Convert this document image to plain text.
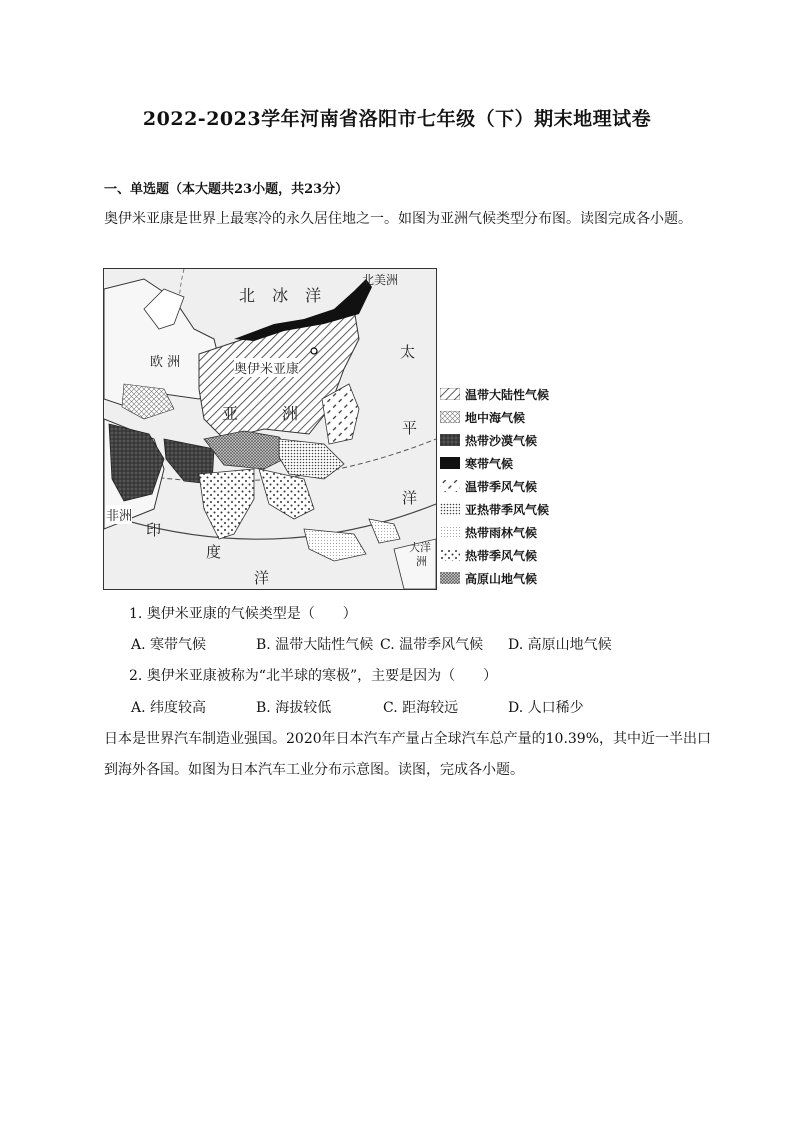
2022-2023学年河南省洛阳市七年级（下）期末地理试卷
一、单选题（本大题共23小题，共23分）
奥伊米亚康是世界上最寒冷的永久居住地之一。如图为亚洲气候类型分布图。读图完成各小题。
北 冰 洋
北美洲
欧 洲	奥伊米亚康
亚	洲
太
平
洋
非洲
印
度
洋
大洋
洲
温带大陆性气候
地中海气候
热带沙漠气候
寒带气候
温带季风气候
亚热带季风气候
热带雨林气候
热带季风气候
高原山地气候
1. 奥伊米亚康的气候类型是（　　）
A. 寒带气候	B. 温带大陆性气候 C. 温带季风气候 D. 高原山地气候
2. 奥伊米亚康被称为“北半球的寒极”，主要是因为（　　）
A. 纬度较高	B. 海拔较低	C. 距海较远	D. 人口稀少
日本是世界汽车制造业强国。2020年日本汽车产量占全球汽车总产量的10.39%，其中近一半出口
到海外各国。如图为日本汽车工业分布示意图。读图，完成各小题。
